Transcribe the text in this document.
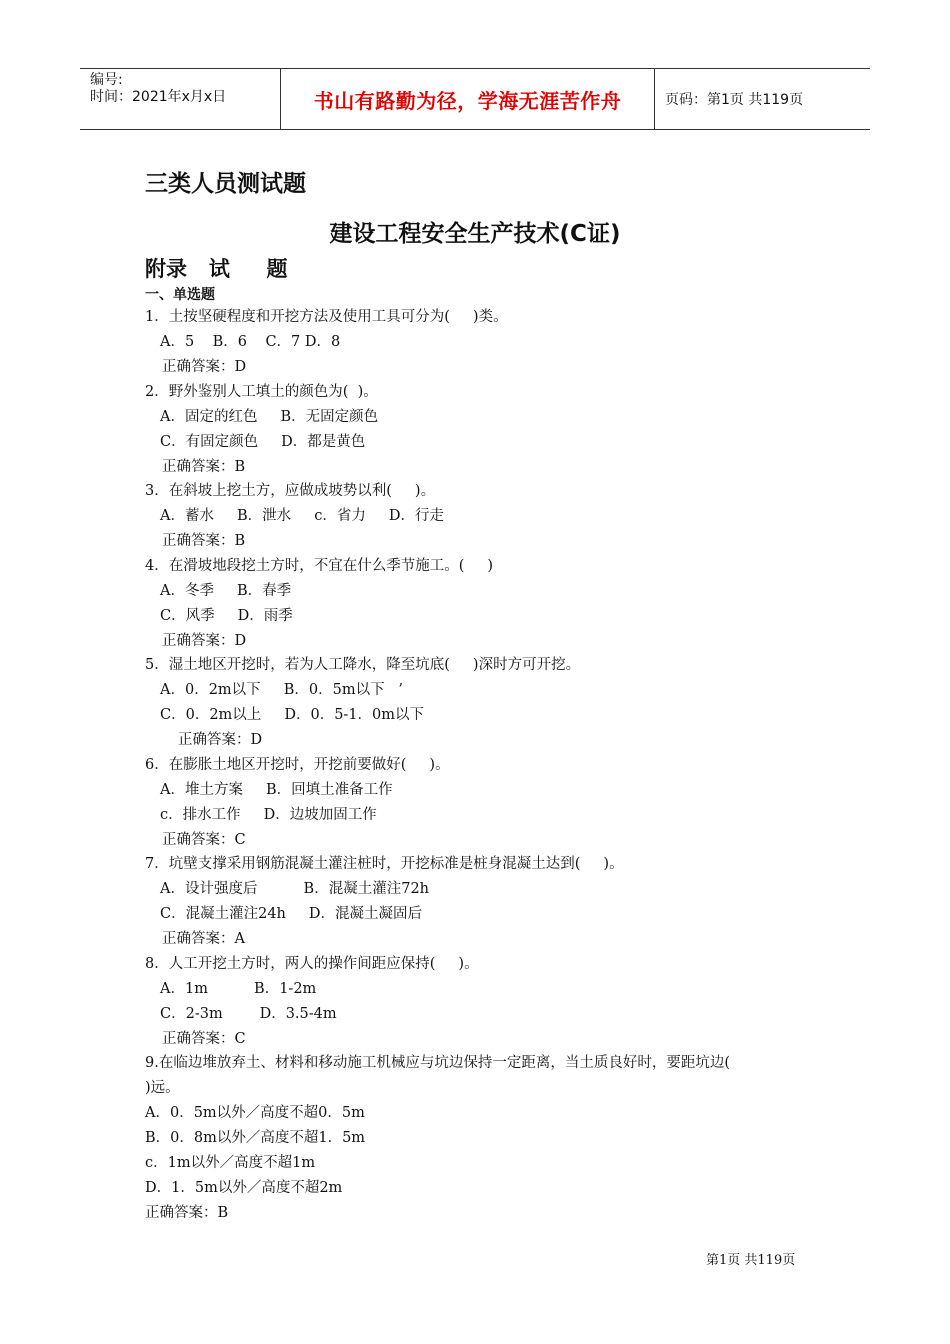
编号:
时间：2021年x月x日	书山有路勤为径，学海无涯苦作舟	页码：第1页 共119页
三类人员测试题
建设工程安全生产技术(C证)
附录   试     题
一、单选题
1．土按坚硬程度和开挖方法及使用工具可分为(     )类。
A．5    B．6    C．7 D．8
正确答案：D
2．野外鉴别人工填土的颜色为(  )。
A．固定的红色     B．无固定颜色
C．有固定颜色     D．都是黄色
正确答案：B
3．在斜坡上挖土方，应做成坡势以利(     )。
A．蓄水     B．泄水     c．省力     D．行走
正确答案：B
4．在滑坡地段挖土方时，不宜在什么季节施工。(     )
A．冬季     B．春季
C．风季     D．雨季
正确答案：D
5．湿土地区开挖时，若为人工降水，降至坑底(     )深时方可开挖。
A．0．2m以下     B．0．5m以下   ’
C．0．2m以上     D．0．5-1．0m以下
正确答案：D
6．在膨胀土地区开挖时，开挖前要做好(     )。
A．堆土方案     B．回填土准备工作
c．排水工作     D．边坡加固工作
正确答案：C
7．坑壁支撑采用钢筋混凝土灌注桩时，开挖标准是桩身混凝土达到(     )。
A．设计强度后          B．混凝土灌注72h
C．混凝土灌注24h     D．混凝土凝固后
正确答案：A
8．人工开挖土方时，两人的操作间距应保持(     )。
A．1m          B．1-2m
C．2-3m        D．3.5-4m
正确答案：C
9.在临边堆放弃土、材料和移动施工机械应与坑边保持一定距离，当土质良好时，要距坑边(
)远。
A．0．5m以外／高度不超0．5m
B．0．8m以外／高度不超1．5m
c．1m以外／高度不超1m
D．1．5m以外／高度不超2m
正确答案：B
第1页 共119页
